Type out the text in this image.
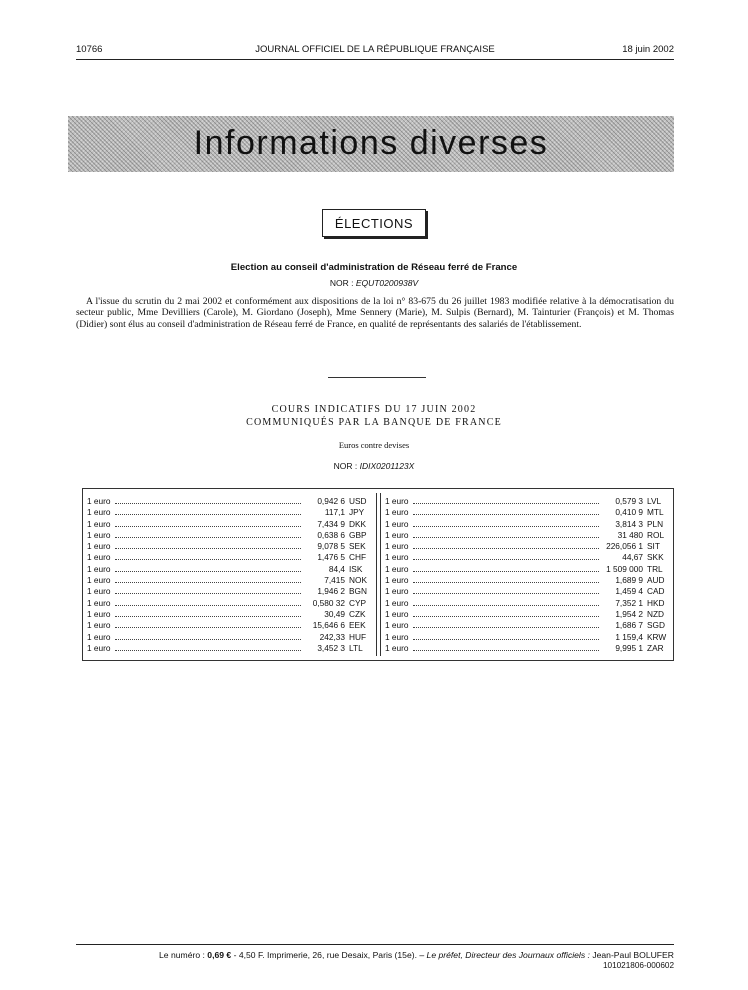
10766	JOURNAL OFFICIEL DE LA RÉPUBLIQUE FRANÇAISE	18 juin 2002
Informations diverses
ÉLECTIONS
Election au conseil d'administration de Réseau ferré de France
NOR : EQUT0200938V
A l'issue du scrutin du 2 mai 2002 et conformément aux dispositions de la loi n° 83-675 du 26 juillet 1983 modifiée relative à la démocratisation du secteur public, Mme Devilliers (Carole), M. Giordano (Joseph), Mme Sennery (Marie), M. Sulpis (Bernard), M. Tainturier (François) et M. Thomas (Didier) sont élus au conseil d'administration de Réseau ferré de France, en qualité de représentants des salariés de l'établissement.
COURS INDICATIFS DU 17 JUIN 2002
COMMUNIQUÉS PAR LA BANQUE DE FRANCE
Euros contre devises
NOR : IDIX0201123X
1 euro	0,942 6 USD
1 euro	117,1 JPY
1 euro	7,434 9 DKK
1 euro	0,638 6 GBP
1 euro	9,078 5 SEK
1 euro	1,476 5 CHF
1 euro	84,4 ISK
1 euro	7,415 NOK
1 euro	1,946 2 BGN
1 euro	0,580 32 CYP
1 euro	30,49 CZK
1 euro	15,646 6 EEK
1 euro	242,33 HUF
1 euro	3,452 3 LTL
1 euro	0,579 3 LVL
1 euro	0,410 9 MTL
1 euro	3,814 3 PLN
1 euro	31 480 ROL
1 euro	226,056 1 SIT
1 euro	44,67 SKK
1 euro	1 509 000 TRL
1 euro	1,689 9 AUD
1 euro	1,459 4 CAD
1 euro	7,352 1 HKD
1 euro	1,954 2 NZD
1 euro	1,686 7 SGD
1 euro	1 159,4 KRW
1 euro	9,995 1 ZAR
Le numéro : 0,69 € - 4,50 F. Imprimerie, 26, rue Desaix, Paris (15e). – Le préfet, Directeur des Journaux officiels : Jean-Paul BOLUFER
101021806-000602
